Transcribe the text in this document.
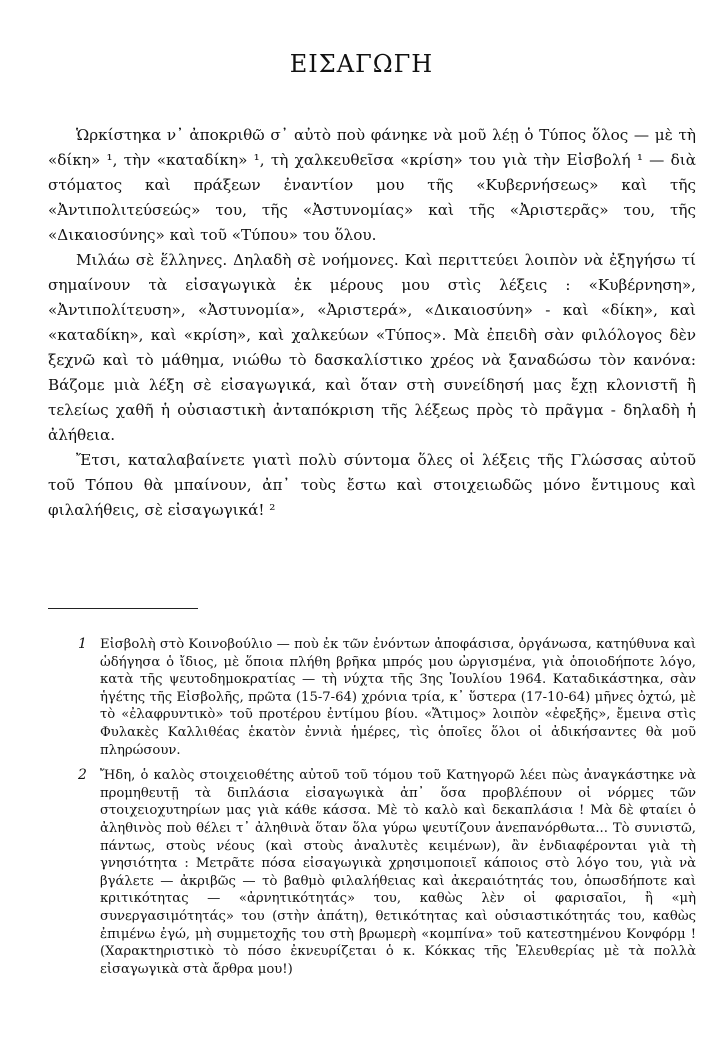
ΕΙΣΑΓΩΓΗ

Ὡρκίστηκα ν᾿ ἀποκριθῶ σ᾿ αὐτὸ ποὺ φάνηκε νὰ μοῦ λέῃ ὁ Τύπος ὅλος — μὲ τὴ «δίκη» ¹, τὴν «καταδίκη» ¹, τὴ χαλκευθεῖσα «κρίση» του γιὰ τὴν Εἰσβολή ¹ — διὰ στόματος καὶ πράξεων ἐναντίον μου τῆς «Κυβερνήσεως» καὶ τῆς «Ἀντιπολιτεύσεώς» του, τῆς «Ἀστυνομίας» καὶ τῆς «Ἀριστερᾶς» του, τῆς «Δικαιοσύνης» καὶ τοῦ «Τύπου» του ὅλου.

Μιλάω σὲ ἕλληνες. Δηλαδὴ σὲ νοήμονες. Καὶ περιττεύει λοιπὸν νὰ ἐξηγήσω τί σημαίνουν τὰ εἰσαγωγικὰ ἐκ μέρους μου στὶς λέξεις : «Κυβέρνηση», «Ἀντιπολίτευση», «Ἀστυνομία», «Ἀριστερά», «Δικαιοσύνη» - καὶ «δίκη», καὶ «καταδίκη», καὶ «κρίση», καὶ χαλκεύων «Τύπος». Μὰ ἐπειδὴ σὰν φιλόλογος δὲν ξεχνῶ καὶ τὸ μάθημα, νιώθω τὸ δασκαλίστικο χρέος νὰ ξαναδώσω τὸν κανόνα: Βάζομε μιὰ λέξη σὲ εἰσαγωγικά, καὶ ὅταν στὴ συνείδησή μας ἔχῃ κλονιστῆ ἢ τελείως χαθῆ ἡ οὐσιαστικὴ ἀνταπόκριση τῆς λέξεως πρὸς τὸ πρᾶγμα - δηλαδὴ ἡ ἀλήθεια.

Ἔτσι, καταλαβαίνετε γιατὶ πολὺ σύντομα ὅλες οἱ λέξεις τῆς Γλώσσας αὐτοῦ τοῦ Τόπου θὰ μπαίνουν, ἀπ᾿ τοὺς ἔστω καὶ στοιχειωδῶς μόνο ἔντιμους καὶ φιλαλήθεις, σὲ εἰσαγωγικά! ²

1 Εἰσβολὴ στὸ Κοινοβούλιο — ποὺ ἐκ τῶν ἐνόντων ἀποφάσισα, ὀργάνωσα, κατηύθυνα καὶ ὡδήγησα ὁ ἴδιος, μὲ ὅποια πλήθη βρῆκα μπρός μου ὠργισμένα, γιὰ ὁποιοδήποτε λόγο, κατὰ τῆς ψευτοδημοκρατίας — τὴ νύχτα τῆς 3ης Ἰουλίου 1964. Καταδικάστηκα, σὰν ἡγέτης τῆς Εἰσβολῆς, πρῶτα (15-7-64) χρόνια τρία, κ᾿ ὕστερα (17-10-64) μῆνες ὀχτώ, μὲ τὸ «ἐλαφρυντικὸ» τοῦ προτέρου ἐντίμου βίου. «Ἄτιμος» λοιπὸν «ἐφεξῆς», ἔμεινα στὶς Φυλακὲς Καλλιθέας ἑκατὸν ἐννιὰ ἡμέρες, τὶς ὁποῖες ὅλοι οἱ ἀδικήσαντες θὰ μοῦ πληρώσουν.
2 Ἤδη, ὁ καλὸς στοιχειοθέτης αὐτοῦ τοῦ τόμου τοῦ Κατηγορῶ λέει πὼς ἀναγκάστηκε νὰ προμηθευτῇ τὰ διπλάσια εἰσαγωγικὰ ἀπ᾿ ὅσα προβλέπουν οἱ νόρμες τῶν στοιχειοχυτηρίων μας γιὰ κάθε κάσσα. Μὲ τὸ καλὸ καὶ δεκαπλάσια ! Μὰ δὲ φταίει ὁ ἀληθινὸς ποὺ θέλει τ᾿ ἀληθινὰ ὅταν ὅλα γύρω ψευτίζουν ἀνεπανόρθωτα... Τὸ συνιστῶ, πάντως, στοὺς νέους (καὶ στοὺς ἀναλυτὲς κειμένων), ἂν ἐνδιαφέρονται γιὰ τὴ γνησιότητα : Μετρᾶτε πόσα εἰσαγωγικὰ χρησιμοποιεῖ κάποιος στὸ λόγο του, γιὰ νὰ βγάλετε — ἀκριβῶς — τὸ βαθμὸ φιλαλήθειας καὶ ἀκεραιότητάς του, ὁπωσδήποτε καὶ κριτικότητας — «ἀρνητικότητάς» του, καθὼς λὲν οἱ φαρισαῖοι, ἢ «μὴ συνεργασιμότητάς» του (στὴν ἀπάτη), θετικότητας καὶ οὐσιαστικότητάς του, καθὼς ἐπιμένω ἐγώ, μὴ συμμετοχῆς του στὴ βρωμερὴ «κομπίνα» τοῦ κατεστημένου Κονφόρμ ! (Χαρακτηριστικὸ τὸ πόσο ἐκνευρίζεται ὁ κ. Κόκκας τῆς Ἐλευθερίας μὲ τὰ πολλὰ εἰσαγωγικὰ στὰ ἄρθρα μου!)
